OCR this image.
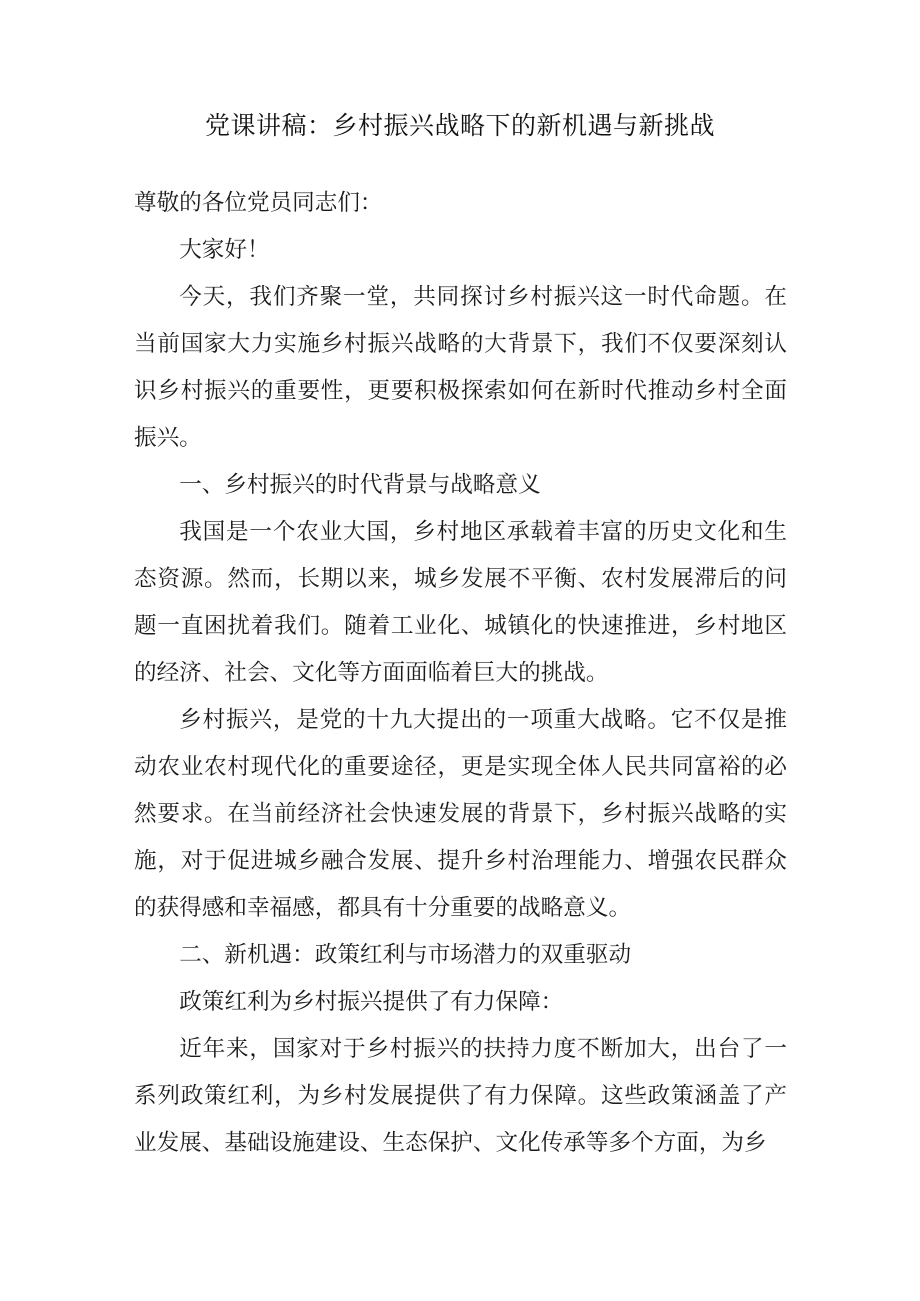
党课讲稿：乡村振兴战略下的新机遇与新挑战

尊敬的各位党员同志们：

大家好！

今天，我们齐聚一堂，共同探讨乡村振兴这一时代命题。在当前国家大力实施乡村振兴战略的大背景下，我们不仅要深刻认识乡村振兴的重要性，更要积极探索如何在新时代推动乡村全面振兴。

一、乡村振兴的时代背景与战略意义

我国是一个农业大国，乡村地区承载着丰富的历史文化和生态资源。然而，长期以来，城乡发展不平衡、农村发展滞后的问题一直困扰着我们。随着工业化、城镇化的快速推进，乡村地区的经济、社会、文化等方面面临着巨大的挑战。

乡村振兴，是党的十九大提出的一项重大战略。它不仅是推动农业农村现代化的重要途径，更是实现全体人民共同富裕的必然要求。在当前经济社会快速发展的背景下，乡村振兴战略的实施，对于促进城乡融合发展、提升乡村治理能力、增强农民群众的获得感和幸福感，都具有十分重要的战略意义。

二、新机遇：政策红利与市场潜力的双重驱动

政策红利为乡村振兴提供了有力保障：

近年来，国家对于乡村振兴的扶持力度不断加大，出台了一系列政策红利，为乡村发展提供了有力保障。这些政策涵盖了产业发展、基础设施建设、生态保护、文化传承等多个方面，为乡
